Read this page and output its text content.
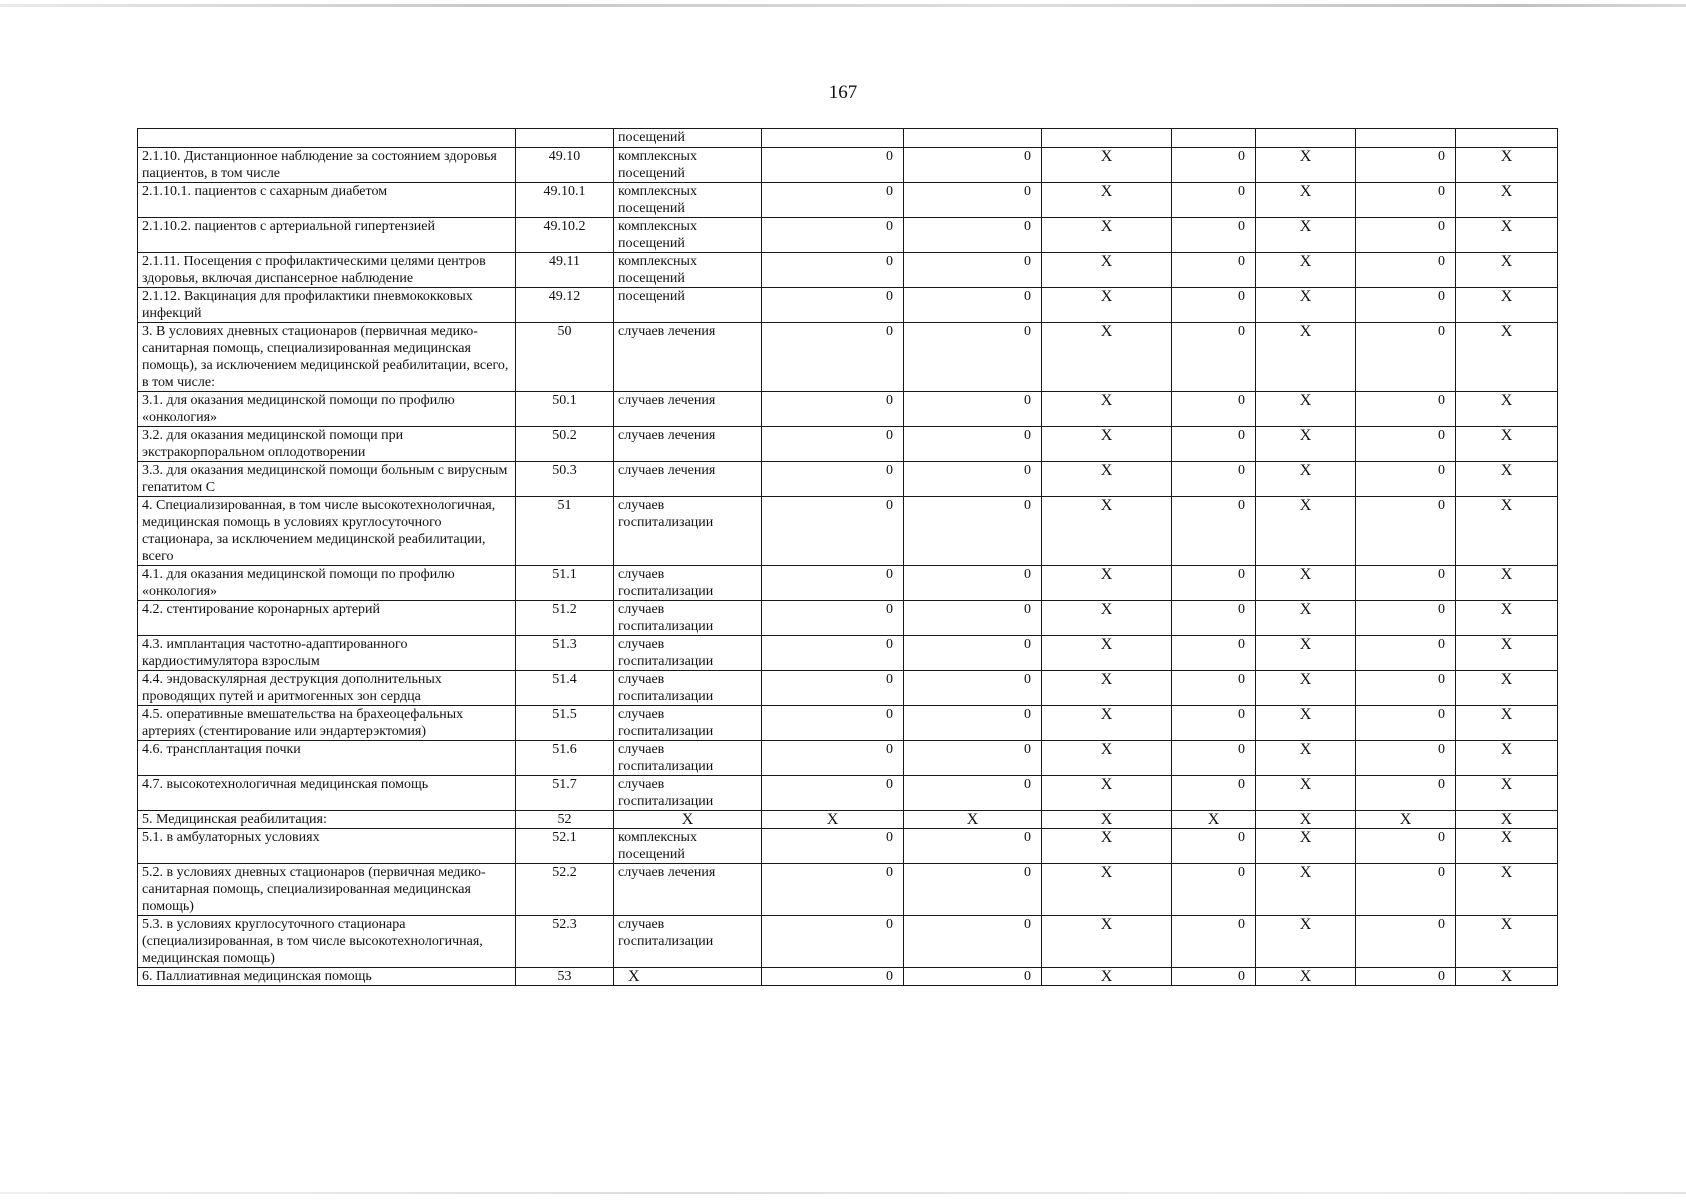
167
		посещений							
2.1.10. Дистанционное наблюдение за состоянием здоровья пациентов, в том числе	49.10	комплексных посещений	0	0	X	0	X	0	X
2.1.10.1. пациентов с сахарным диабетом	49.10.1	комплексных посещений	0	0	X	0	X	0	X
2.1.10.2. пациентов с артериальной гипертензией	49.10.2	комплексных посещений	0	0	X	0	X	0	X
2.1.11. Посещения с профилактическими целями центров здоровья, включая диспансерное наблюдение	49.11	комплексных посещений	0	0	X	0	X	0	X
2.1.12. Вакцинация для профилактики пневмококковых инфекций	49.12	посещений	0	0	X	0	X	0	X
3. В условиях дневных стационаров (первичная медико-санитарная помощь, специализированная медицинская помощь), за исключением медицинской реабилитации, всего, в том числе:	50	случаев лечения	0	0	X	0	X	0	X
3.1. для оказания медицинской помощи по профилю «онкология»	50.1	случаев лечения	0	0	X	0	X	0	X
3.2. для оказания медицинской помощи при экстракорпоральном оплодотворении	50.2	случаев лечения	0	0	X	0	X	0	X
3.3. для оказания медицинской помощи больным с вирусным гепатитом С	50.3	случаев лечения	0	0	X	0	X	0	X
4. Специализированная, в том числе высокотехнологичная, медицинская помощь в условиях круглосуточного стационара, за исключением медицинской реабилитации, всего	51	случаев госпитализации	0	0	X	0	X	0	X
4.1. для оказания медицинской помощи по профилю «онкология»	51.1	случаев госпитализации	0	0	X	0	X	0	X
4.2. стентирование коронарных артерий	51.2	случаев госпитализации	0	0	X	0	X	0	X
4.3. имплантация частотно-адаптированного кардиостимулятора взрослым	51.3	случаев госпитализации	0	0	X	0	X	0	X
4.4. эндоваскулярная деструкция дополнительных проводящих путей и аритмогенных зон сердца	51.4	случаев госпитализации	0	0	X	0	X	0	X
4.5. оперативные вмешательства на брахеоцефальных артериях (стентирование или эндартерэктомия)	51.5	случаев госпитализации	0	0	X	0	X	0	X
4.6. трансплантация почки	51.6	случаев госпитализации	0	0	X	0	X	0	X
4.7. высокотехнологичная медицинская помощь	51.7	случаев госпитализации	0	0	X	0	X	0	X
5. Медицинская реабилитация:	52	X	X	X	X	X	X	X	X
5.1. в амбулаторных условиях	52.1	комплексных посещений	0	0	X	0	X	0	X
5.2. в условиях дневных стационаров (первичная медико-санитарная помощь, специализированная медицинская помощь)	52.2	случаев лечения	0	0	X	0	X	0	X
5.3. в условиях круглосуточного стационара (специализированная, в том числе высокотехнологичная, медицинская помощь)	52.3	случаев госпитализации	0	0	X	0	X	0	X
6. Паллиативная медицинская помощь	53	X	0	0	X	0	X	0	X
